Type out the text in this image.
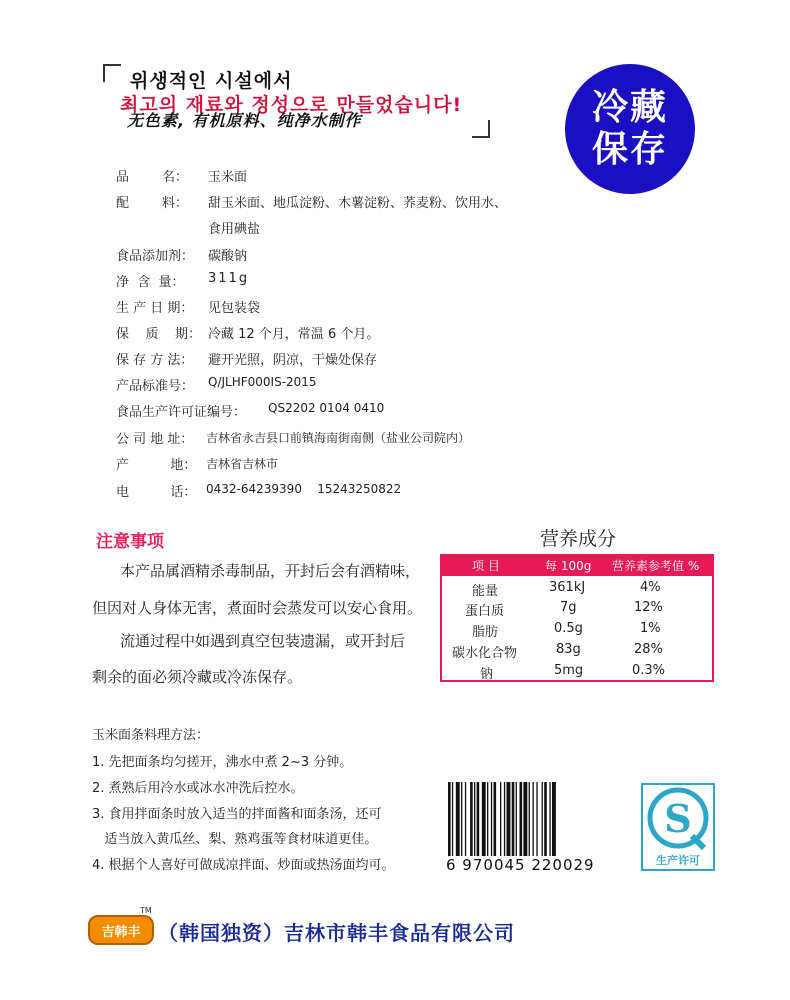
위생적인 시설에서
최고의 재료와 정성으로 만들었습니다!
无色素, 有机原料、纯净水制作	冷藏
保存
品        名： 玉米面
配        料： 甜玉米面、地瓜淀粉、木薯淀粉、荞麦粉、饮用水、
食用碘盐
食品添加剂： 碳酸钠
净  含  量： 311g
生 产 日 期： 见包装袋
保    质    期： 冷藏 12 个月，常温 6 个月。
保 存 方 法： 避开光照，阴凉，干燥处保存
产品标准号： Q/JLHF000IS-2015
食品生产许可证编号： QS2202 0104 0410
公 司 地 址： 吉林省永吉县口前镇海南街南侧（盐业公司院内）
产          地： 吉林省吉林市
电          话： 0432-64239390    15243250822
注意事项
本产品属酒精杀毒制品，开封后会有酒精味，
但因对人身体无害，煮面时会蒸发可以安心食用。
流通过程中如遇到真空包装遗漏，或开封后
剩余的面必须冷藏或冷冻保存。
营养成分
项 目	每 100g 营养素参考值 %
能量	361kJ	4%
蛋白质	7g	12%
脂肪	0.5g	1%
碳水化合物	83g	28%
钠	5mg	0.3%
玉米面条料理方法：
1. 先把面条均匀搓开，沸水中煮 2~3 分钟。
2. 煮熟后用冷水或冰水冲洗后控水。
3. 食用拌面条时放入适当的拌面酱和面条汤，还可
适当放入黄瓜丝、梨、熟鸡蛋等食材味道更佳。
4. 根据个人喜好可做成凉拌面、炒面或热汤面均可。	6 970045 220029
S
生产许可
吉韩丰
TM
（韩国独资）吉林市韩丰食品有限公司
